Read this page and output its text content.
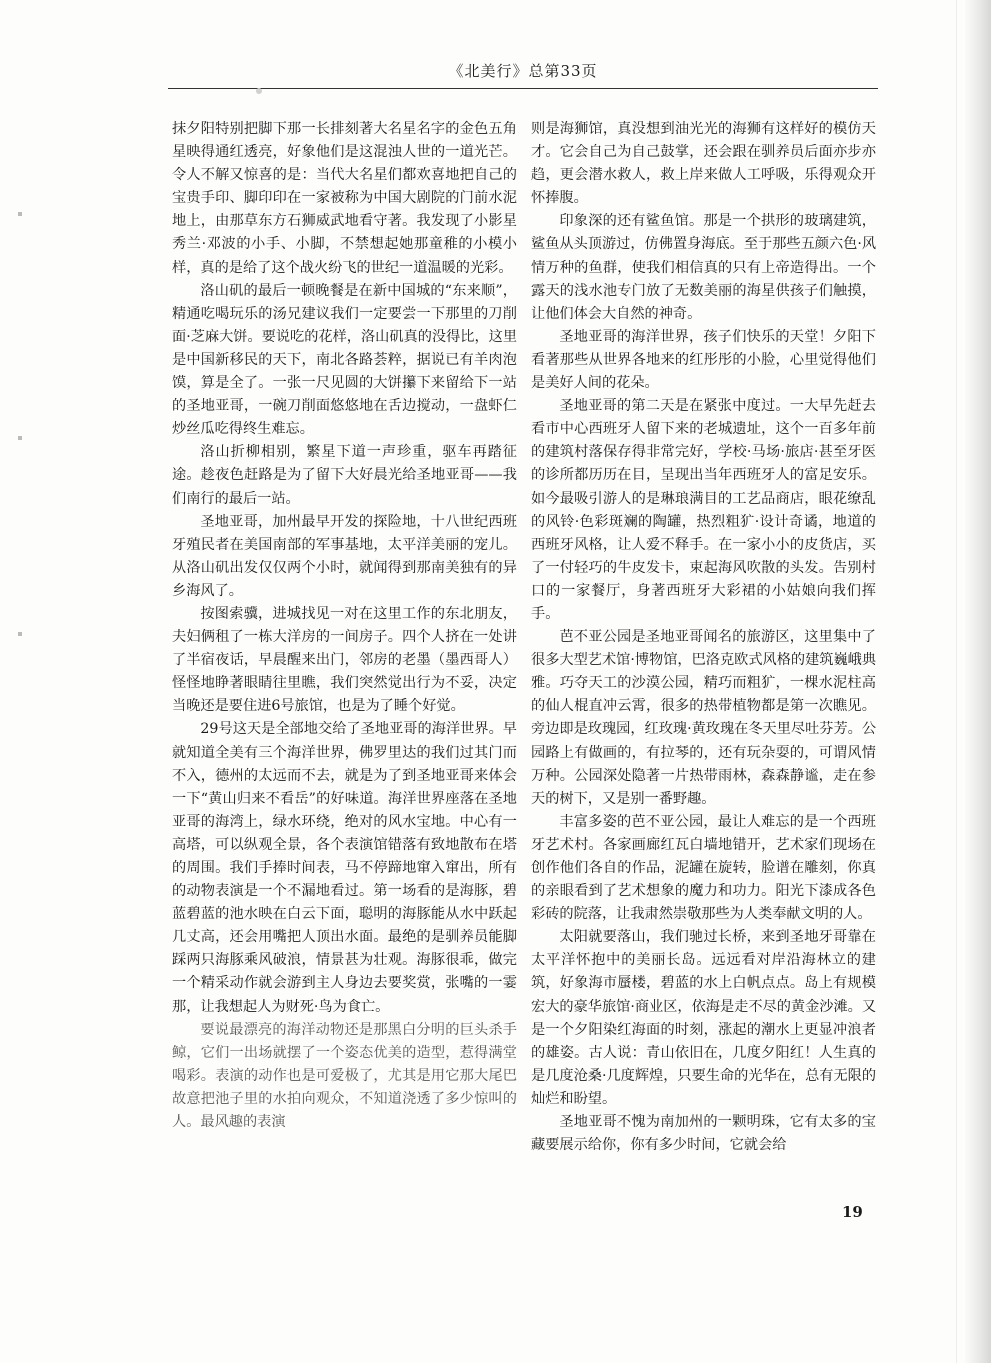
《北美行》总第33页

抹夕阳特别把脚下那一长排刻著大名星名字的金色五角星映得通红透亮，好象他们是这混浊人世的一道光芒。令人不解又惊喜的是：当代大名星们都欢喜地把自己的宝贵手印、脚印印在一家被称为中国大剧院的门前水泥地上，由那草东方石狮威武地看守著。我发现了小影星秀兰·邓波的小手、小脚，不禁想起她那童稚的小模小样，真的是给了这个战火纷飞的世纪一道温暖的光彩。

洛山矶的最后一顿晚餐是在新中国城的“东来顺”，精通吃喝玩乐的汤兄建议我们一定要尝一下那里的刀削面·芝麻大饼。要说吃的花样，洛山矶真的没得比，这里是中国新移民的天下，南北各路荟粹，据说已有羊肉泡馍，算是全了。一张一尺见圆的大饼攥下来留给下一站的圣地亚哥，一碗刀削面悠悠地在舌边搅动，一盘虾仁炒丝瓜吃得终生难忘。

洛山折柳相别，繁星下道一声珍重，驱车再踏征途。趁夜色赶路是为了留下大好晨光给圣地亚哥——我们南行的最后一站。

圣地亚哥，加州最早开发的探险地，十八世纪西班牙殖民者在美国南部的军事基地，太平洋美丽的宠儿。从洛山矶出发仅仅两个小时，就闻得到那南美独有的异乡海风了。

按图索骥，进城找见一对在这里工作的东北朋友，夫妇俩租了一栋大洋房的一间房子。四个人挤在一处讲了半宿夜话，早晨醒来出门，邻房的老墨（墨西哥人）怪怪地睁著眼睛往里瞧，我们突然觉出行为不妥，决定当晚还是要住进6号旅馆，也是为了睡个好觉。

29号这天是全部地交给了圣地亚哥的海洋世界。早就知道全美有三个海洋世界，佛罗里达的我们过其门而不入，德州的太远而不去，就是为了到圣地亚哥来体会一下“黄山归来不看岳”的好味道。海洋世界座落在圣地亚哥的海湾上，绿水环绕，绝对的风水宝地。中心有一高塔，可以纵观全景，各个表演馆错落有致地散布在塔的周围。我们手捧时间表，马不停蹄地窜入窜出，所有的动物表演是一个不漏地看过。第一场看的是海豚，碧蓝碧蓝的池水映在白云下面，聪明的海豚能从水中跃起几丈高，还会用嘴把人顶出水面。最绝的是驯养员能脚踩两只海豚乘风破浪，情景甚为壮观。海豚很乖，做完一个精采动作就会游到主人身边去要奖赏，张嘴的一霎那，让我想起人为财死·鸟为食亡。

要说最漂亮的海洋动物还是那黑白分明的巨头杀手鲸，它们一出场就摆了一个姿态优美的造型，惹得满堂喝彩。表演的动作也是可爱极了，尤其是用它那大尾巴故意把池子里的水拍向观众，不知道浇透了多少惊叫的人。最风趣的表演

则是海狮馆，真没想到油光光的海狮有这样好的模仿天才。它会自己为自己鼓掌，还会跟在驯养员后面亦步亦趋，更会潜水救人，救上岸来做人工呼吸，乐得观众开怀捧腹。

印象深的还有鲨鱼馆。那是一个拱形的玻璃建筑，鲨鱼从头顶游过，仿佛置身海底。至于那些五颜六色·风情万种的鱼群，使我们相信真的只有上帝造得出。一个露天的浅水池专门放了无数美丽的海星供孩子们触摸，让他们体会大自然的神奇。

圣地亚哥的海洋世界，孩子们快乐的天堂！夕阳下看著那些从世界各地来的红彤彤的小脸，心里觉得他们是美好人间的花朵。

圣地亚哥的第二天是在紧张中度过。一大早先赶去看市中心西班牙人留下来的老城遗址，这个一百多年前的建筑村落保存得非常完好，学校·马场·旅店·甚至牙医的诊所都历历在目，呈现出当年西班牙人的富足安乐。如今最吸引游人的是琳琅满目的工艺品商店，眼花缭乱的风铃·色彩斑斓的陶罐，热烈粗犷·设计奇谲，地道的西班牙风格，让人爱不释手。在一家小小的皮货店，买了一付轻巧的牛皮发卡，束起海风吹散的头发。告别村口的一家餐厅，身著西班牙大彩裙的小姑娘向我们挥手。

芭不亚公园是圣地亚哥闻名的旅游区，这里集中了很多大型艺术馆·博物馆，巴洛克欧式风格的建筑巍峨典雅。巧夺天工的沙漠公园，精巧而粗犷，一棵水泥柱高的仙人棍直冲云霄，很多的热带植物都是第一次瞧见。旁边即是玫瑰园，红玫瑰·黄玫瑰在冬天里尽吐芬芳。公园路上有做画的，有拉琴的，还有玩杂耍的，可谓风情万种。公园深处隐著一片热带雨林，森森静谧，走在参天的树下，又是别一番野趣。

丰富多姿的芭不亚公园，最让人难忘的是一个西班牙艺术村。各家画廊红瓦白墙地错开，艺术家们现场在创作他们各自的作品，泥罐在旋转，脸谱在雕刻，你真的亲眼看到了艺术想象的魔力和功力。阳光下漆成各色彩砖的院落，让我肃然崇敬那些为人类奉献文明的人。

太阳就要落山，我们驰过长桥，来到圣地牙哥靠在太平洋怀抱中的美丽长岛。远远看对岸沿海林立的建筑，好象海市蜃楼，碧蓝的水上白帆点点。岛上有规模宏大的豪华旅馆·商业区，依海是走不尽的黄金沙滩。又是一个夕阳染红海面的时刻，涨起的潮水上更显冲浪者的雄姿。古人说：青山依旧在，几度夕阳红！人生真的是几度沧桑·几度辉煌，只要生命的光华在，总有无限的灿烂和盼望。

圣地亚哥不愧为南加州的一颗明珠，它有太多的宝藏要展示给你，你有多少时间，它就会给

19
